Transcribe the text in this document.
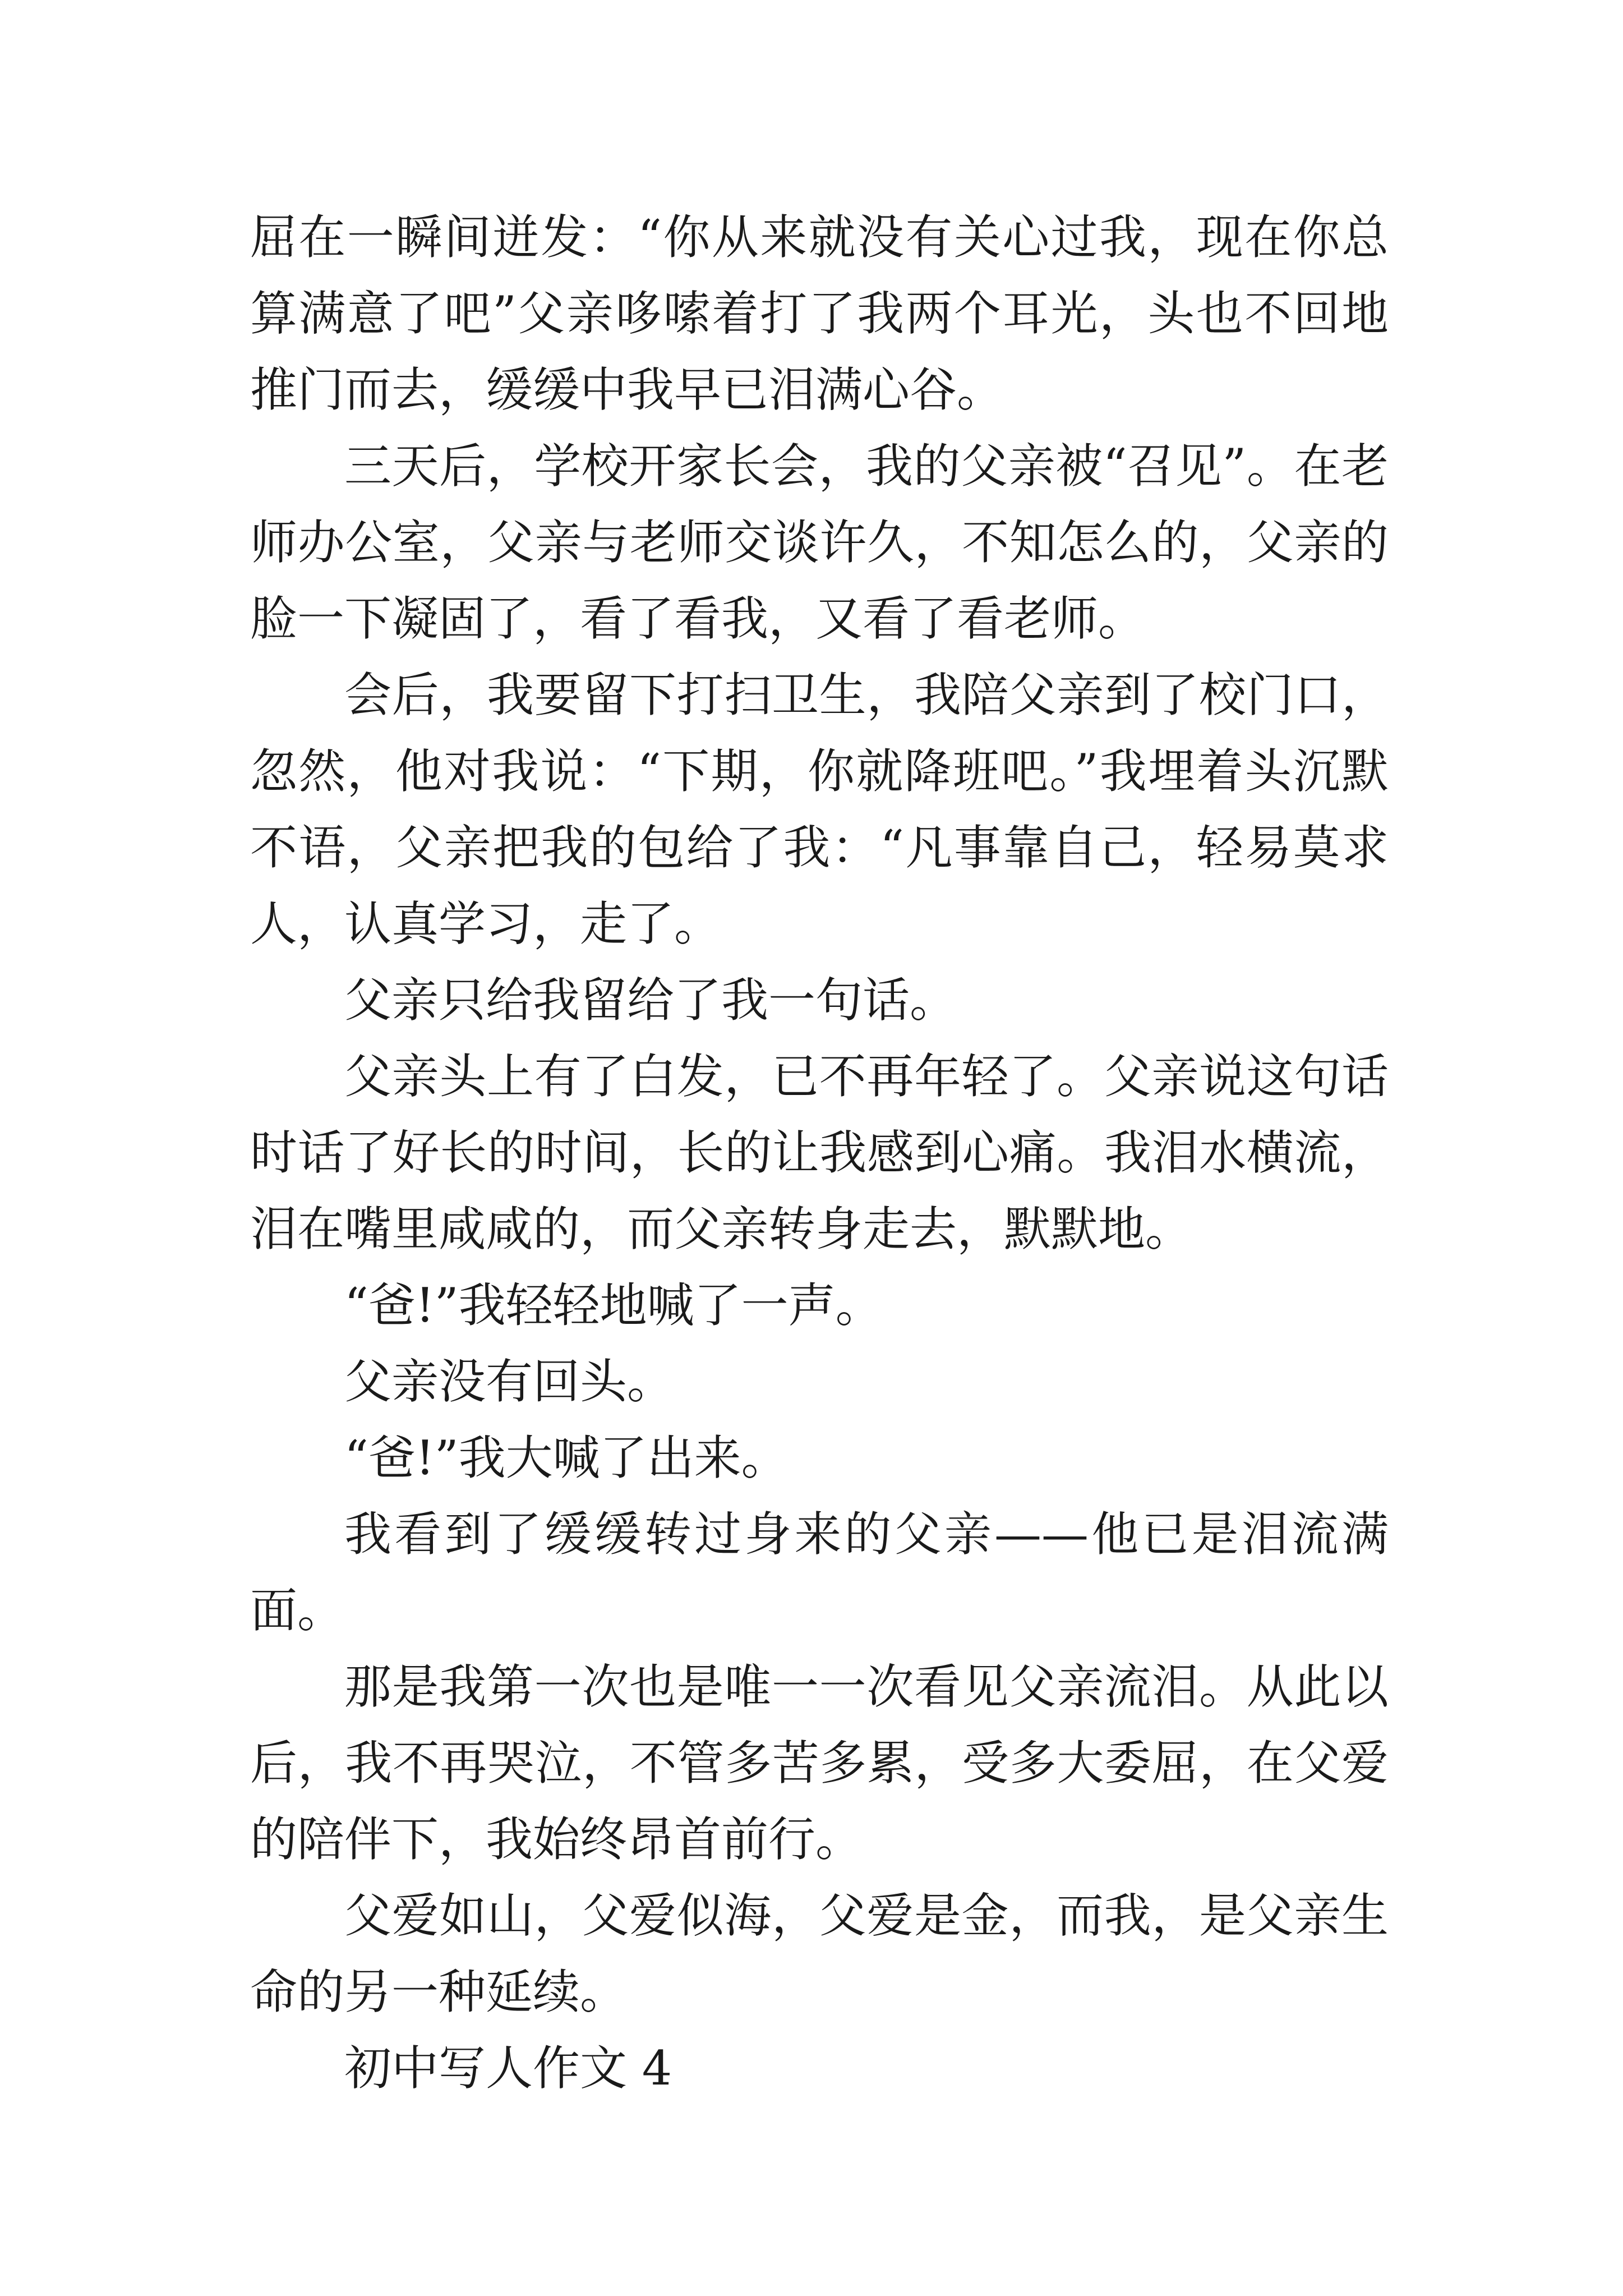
屈在一瞬间迸发：“你从来就没有关心过我，现在你总算满意了吧”父亲哆嗦着打了我两个耳光，头也不回地推门而去，缓缓中我早已泪满心谷。

三天后，学校开家长会，我的父亲被“召见”。在老师办公室，父亲与老师交谈许久，不知怎么的，父亲的脸一下凝固了，看了看我，又看了看老师。

会后，我要留下打扫卫生，我陪父亲到了校门口，忽然，他对我说：“下期，你就降班吧。”我埋着头沉默不语，父亲把我的包给了我：“凡事靠自己，轻易莫求人，认真学习，走了。

父亲只给我留给了我一句话。

父亲头上有了白发，已不再年轻了。父亲说这句话时话了好长的时间，长的让我感到心痛。我泪水横流，泪在嘴里咸咸的，而父亲转身走去，默默地。

“爸!”我轻轻地喊了一声。

父亲没有回头。

“爸!”我大喊了出来。

我看到了缓缓转过身来的父亲——他已是泪流满面。

那是我第一次也是唯一一次看见父亲流泪。从此以后，我不再哭泣，不管多苦多累，受多大委屈，在父爱的陪伴下，我始终昂首前行。

父爱如山，父爱似海，父爱是金，而我，是父亲生命的另一种延续。

初中写人作文 4
